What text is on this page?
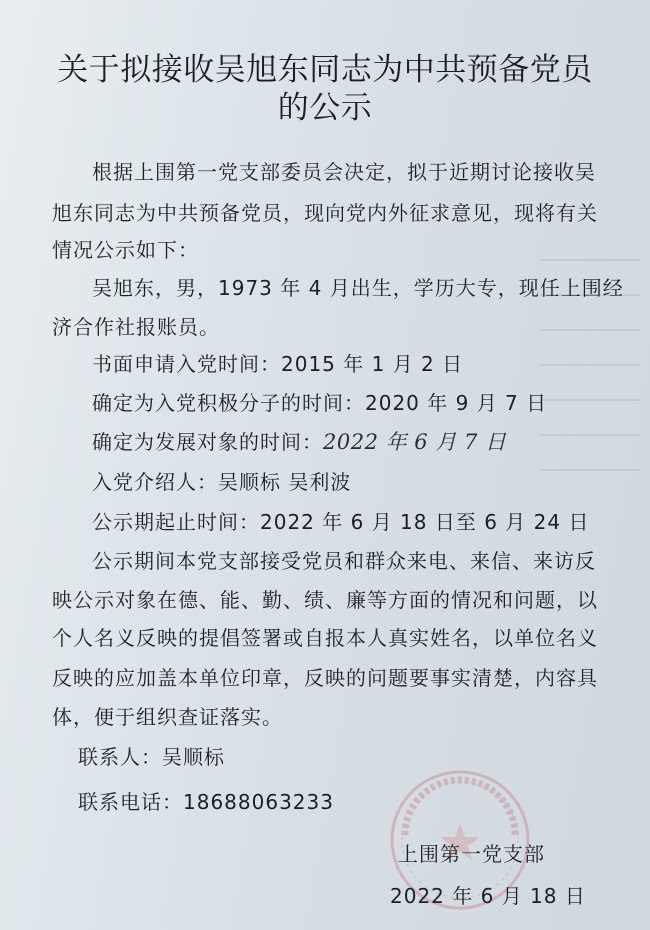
关于拟接收吴旭东同志为中共预备党员
的公示
根据上围第一党支部委员会决定，拟于近期讨论接收吴
旭东同志为中共预备党员，现向党内外征求意见，现将有关
情况公示如下：
吴旭东，男，1973 年 4 月出生，学历大专，现任上围经
济合作社报账员。
书面申请入党时间：2015 年 1 月 2 日
确定为入党积极分子的时间：2020 年 9 月 7 日
确定为发展对象的时间：2022 年 6 月 7 日
入党介绍人：吴顺标 吴利波
公示期起止时间：2022 年 6 月 18 日至 6 月 24 日
公示期间本党支部接受党员和群众来电、来信、来访反
映公示对象在德、能、勤、绩、廉等方面的情况和问题，以
个人名义反映的提倡签署或自报本人真实姓名，以单位名义
反映的应加盖本单位印章，反映的问题要事实清楚，内容具
体，便于组织查证落实。
联系人：吴顺标
联系电话：18688063233
上围第一党支部
2022 年 6 月 18 日
